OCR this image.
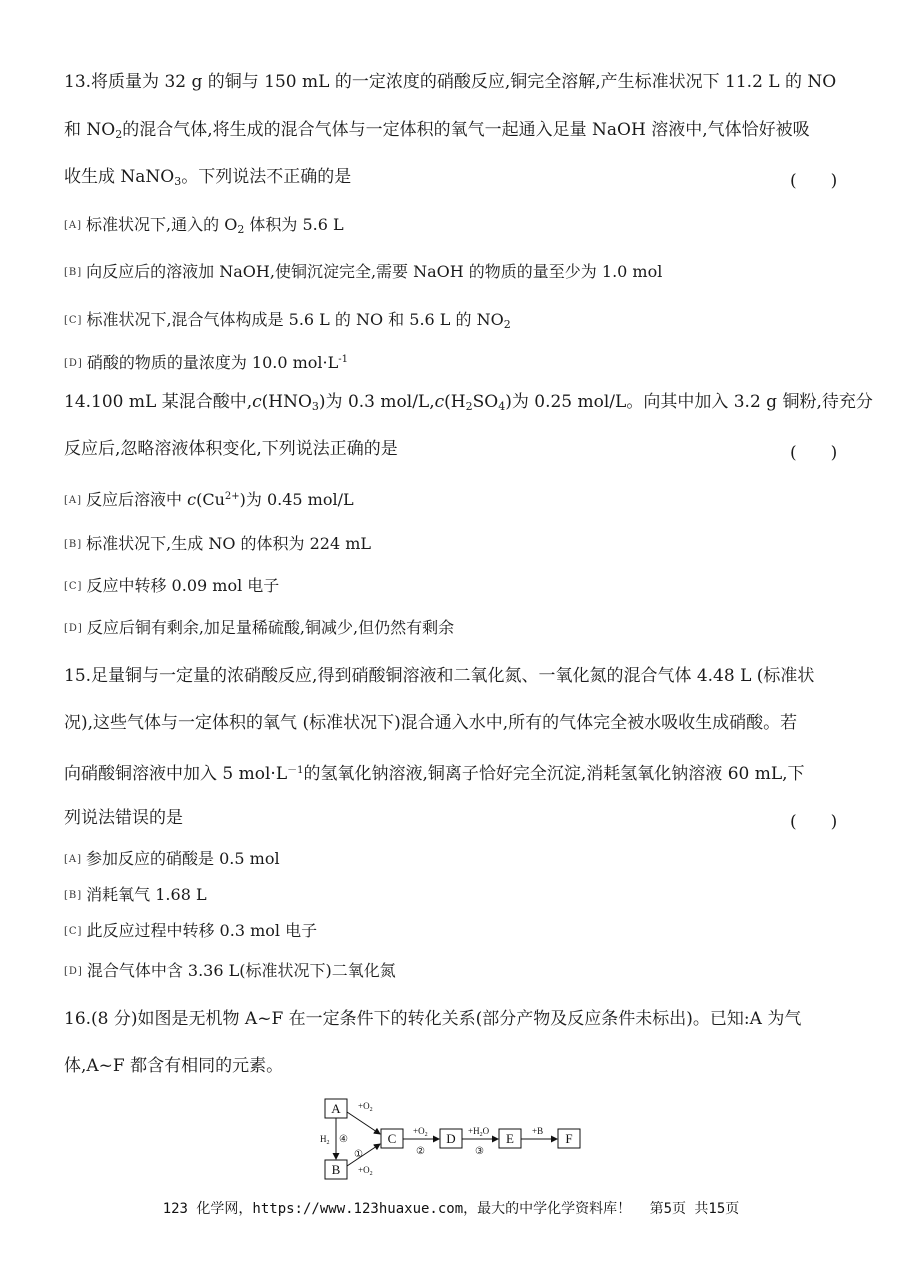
13.将质量为 32 g 的铜与 150 mL 的一定浓度的硝酸反应,铜完全溶解,产生标准状况下 11.2 L 的 NO
和 $NO_2$的混合气体,将生成的混合气体与一定体积的氧气一起通入足量 NaOH 溶液中,气体恰好被吸
收生成 NaNO$_3$。下列说法不正确的是	(　　)
[A] 标准状况下,通入的 $O_2$ 体积为 5.6 L
[B] 向反应后的溶液加 NaOH,使铜沉淀完全,需要 NaOH 的物质的量至少为 1.0 mol
[C] 标准状况下,混合气体构成是 5.6 L 的 NO 和 5.6 L 的 $NO_2$
[D] 硝酸的物质的量浓度为 10.0 $mol\cdot L^{-1}$
14.100 mL 某混合酸中$,c(HNO_3)$为 0.3 mol/$L,c(H_2SO_4)$为 0.25 mol/L。向其中加入 3.2 g 铜粉,待充分
反应后,忽略溶液体积变化,下列说法正确的是	(　　)
[A] 反应后溶液中 $c(Cu^{2+})$为 0.45 mol/L
[B] 标准状况下,生成 NO 的体积为 224 mL
[C] 反应中转移 0.09 mol 电子
[D] 反应后铜有剩余,加足量稀硫酸,铜减少,但仍然有剩余
15.足量铜与一定量的浓硝酸反应,得到硝酸铜溶液和二氧化氮、一氧化氮的混合气体 4.48 L (标准状
况),这些气体与一定体积的氧气 (标准状况下)混合通入水中,所有的气体完全被水吸收生成硝酸。若
向硝酸铜溶液中加入 5 $mol\cdot L^{-1}$的氢氧化钠溶液,铜离子恰好完全沉淀,消耗氢氧化钠溶液 60 mL,下
列说法错误的是	(　　)
[A] 参加反应的硝酸是 0.5 mol
[B] 消耗氧气 1.68 L
[C] 此反应过程中转移 0.3 mol 电子
[D] 混合气体中含 3.36 L(标准状况下)二氧化氮
16.(8 分)如图是无机物 A~F 在一定条件下的转化关系(部分产物及反应条件未标出)。已知:A 为气
体,A~F 都含有相同的元素。
A
B
C	D	E	F
$+O_2$
$+O_2$
$H_2$ ④
①
$+O_2$
②
$+H_2O$
③
+B
123 化学网，https://www.123huaxue.com，最大的中学化学资料库！ 第5页 共15页
